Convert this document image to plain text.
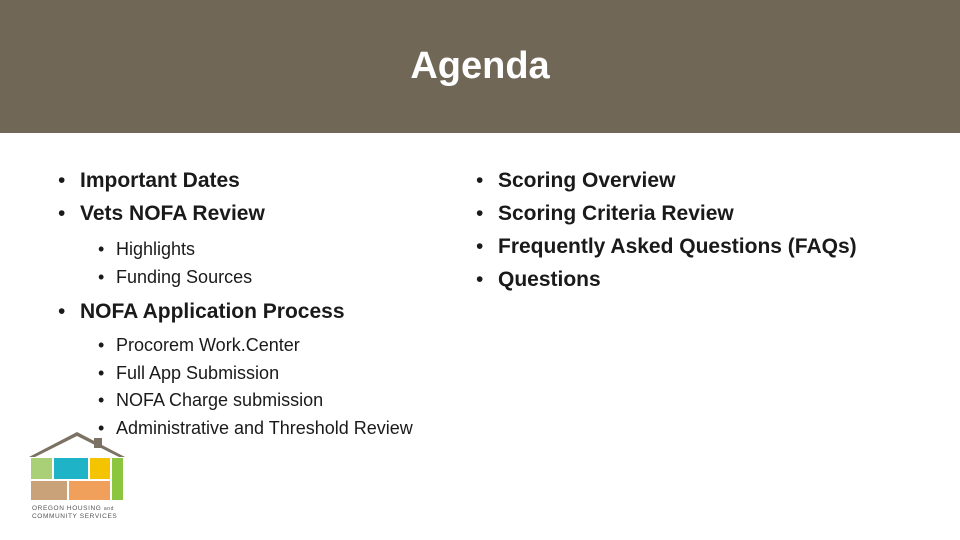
Agenda
• Important Dates
• Vets NOFA Review
• Highlights
• Funding Sources
• NOFA Application Process
• Procorem Work.Center
• Full App Submission
• NOFA Charge submission
• Administrative and Threshold Review
• Scoring Overview
• Scoring Criteria Review
• Frequently Asked Questions (FAQs)
• Questions
OREGON HOUSING and
COMMUNITY SERVICES
